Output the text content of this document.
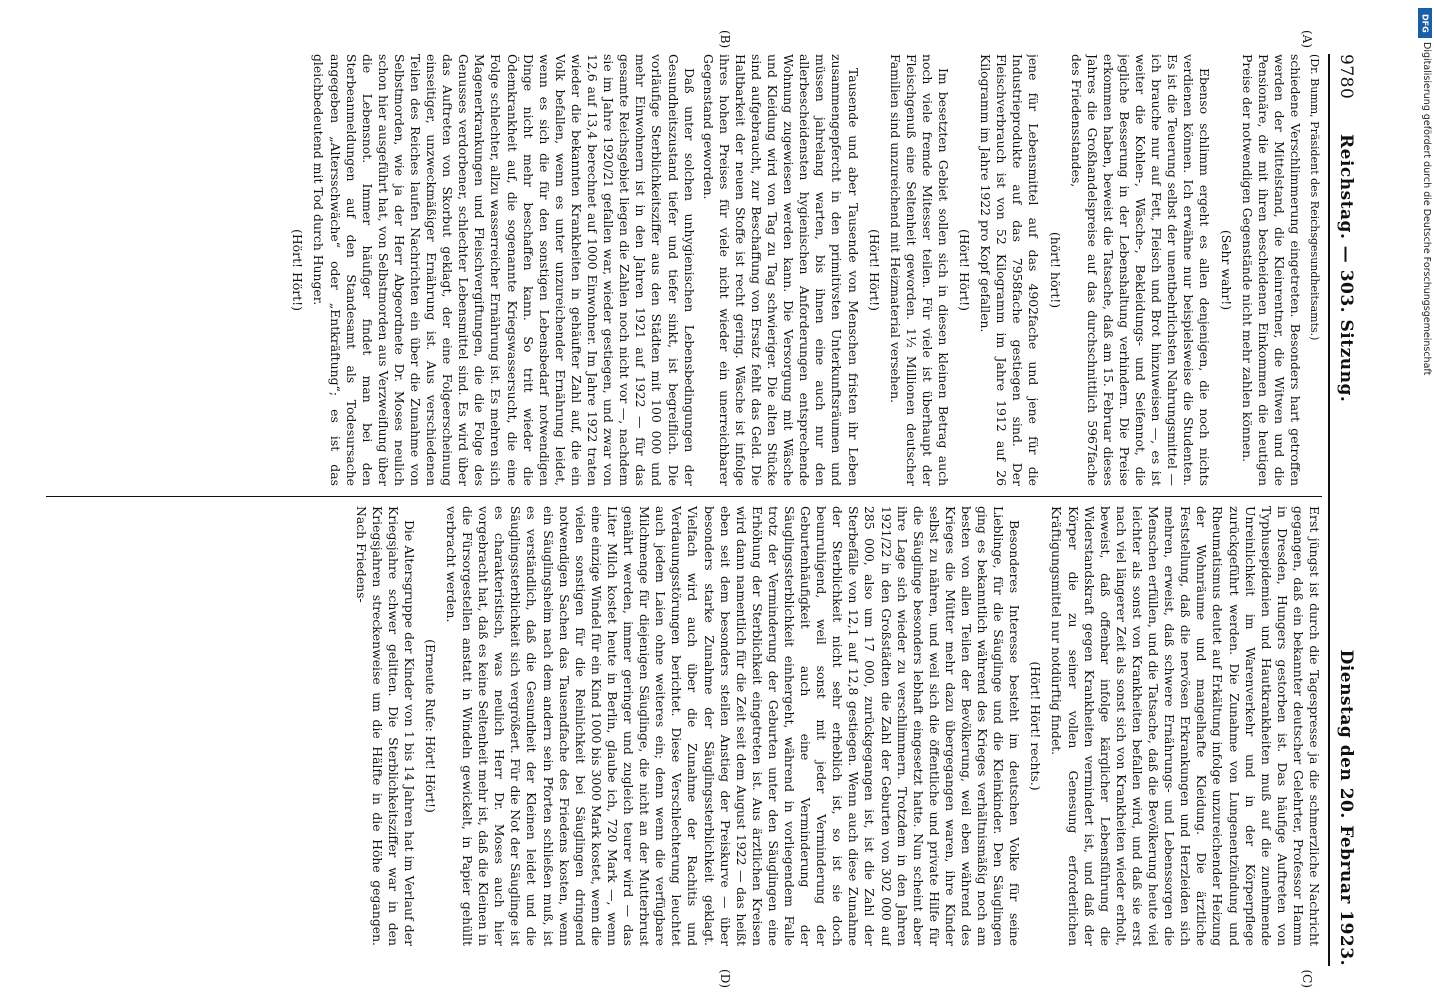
9780
Reichstag. — 303. Sitzung.
Dienstag den 20. Februar 1923.
(A)
(B)
(C)
(D)

(Dr. Bumm, Präsident des Reichsgesundheitsamts.)

schiedene Verschlimmerung eingetreten. Besonders hart getroffen werden der Mittelstand, die Kleinrentner, die Witwen und die Pensionäre, die mit ihren bescheidenen Einkommen die heutigen Preise der notwendigen Gegenstände nicht mehr zahlen können.

(Sehr wahr!)

Ebenso schlimm ergeht es allen denjenigen, die noch nichts verdienen können. Ich erwähne nur beispielsweise die Studenten. Es ist die Teuerung selbst der unentbehrlichsten Nahrungsmittel — ich brauche nur auf Fett, Fleisch und Brot hinzuweisen —, es ist weiter die Kohlen-, Wäsche-, Bekleidungs- und Seifennot, die jegliche Besserung in der Lebenshaltung verhindern. Die Preise erkommen haben, beweist die Tatsache, daß am 15. Februar dieses Jahres die Großhandelspreise auf das durchschnittlich 5967fache des Friedensstandes,

(hört! hört!)

jene für Lebensmittel auf das 4902fache und jene für die Industrieprodukte auf das 7958fache gestiegen sind. Der Fleischverbrauch ist von 52 Kilogramm im Jahre 1912 auf 26 Kilogramm im Jahre 1922 pro Kopf gefallen.

(Hört! Hört!)

Im besetzten Gebiet sollen sich in diesen kleinen Betrag auch noch viele fremde Mitesser teilen. Für viele ist überhaupt der Fleischgenuß eine Seltenheit geworden. 1½ Millionen deutscher Familien sind unzureichend mit Heizmaterial versehen.

(Hört! Hört!)

Tausende und aber Tausende von Menschen fristen ihr Leben zusammengepfercht in den primitivsten Unterkunftsräumen und müssen jahrelang warten, bis ihnen eine auch nur den allerbescheidensten hygienischen Anforderungen entsprechende Wohnung zugewiesen werden kann. Die Versorgung mit Wäsche und Kleidung wird von Tag zu Tag schwieriger. Die alten Stücke sind aufgebraucht, zur Beschaffung von Ersatz fehlt das Geld. Die Haltbarkeit der neuen Stoffe ist recht gering. Wäsche ist infolge ihres hohen Preises für viele nicht wieder ein unerreichbarer Gegenstand geworden.

Daß unter solchen unhygienischen Lebensbedingungen der Gesundheitszustand tiefer und tiefer sinkt, ist begreiflich. Die vorläufige Sterblichkeitsziffer aus den Städten mit 100 000 und mehr Einwohnern ist in den Jahren 1921 auf 1922 — für das gesamte Reichsgebiet liegen die Zahlen noch nicht vor —, nachdem sie im Jahre 1920/21 gefallen war, wieder gestiegen, und zwar von 12,6 auf 13,4 berechnet auf 1000 Einwohner. Im Jahre 1922 traten wieder die bekannten Krankheiten in gehäufter Zahl auf, die ein Volk befallen, wenn es unter unzureichender Ernährung leidet, wenn es sich die für den sonstigen Lebensbedarf notwendigen Dinge nicht mehr beschaffen kann. So tritt wieder die Ödemkrankheit auf, die sogenannte Kriegswassersucht, die eine Folge schlechter, allzu wasserreicher Ernährung ist. Es mehren sich Magenerkrankungen und Fleischvergiftungen, die die Folge des Genusses verdorbener, schlechter Lebensmittel sind. Es wird über das Auftreten von Skorbut geklagt, der eine Folgeerscheinung einseitiger, unzweckmäßiger Ernährung ist. Aus verschiedenen Teilen des Reiches laufen Nachrichten ein über die Zunahme von Selbstmorden, wie ja der Herr Abgeordnete Dr. Moses neulich schon hier ausgeführt hat, von Selbstmorden aus Verzweiflung über die Lebensnot. Immer häufiger findet man bei den Sterbeanmeldungen auf den Standesamt als Todesursache angegeben „Altersschwäche“ oder „Entkräftung“; es ist das gleichbedeutend mit Tod durch Hunger.

(Hört! Hört!)

Erst jüngst ist durch die Tagespresse ja die schmerzliche Nachricht gegangen, daß ein bekannter deutscher Gelehrter, Professor Hamm in Dresden, Hungers gestorben ist. Das häufige Auftreten von Typhusepidemien und Hautkrankheiten muß auf die zunehmende Unreinlichkeit im Warenverkehr und in der Körperpflege zurückgeführt werden. Die Zunahme von Lungenentzündung und Rheumatismus deutet auf Erkältung infolge unzureichender Heizung der Wohnräume und mangelhafte Kleidung. Die ärztliche Feststellung, daß die nervösen Erkrankungen und Herzleiden sich mehren, erweist, daß schwere Ernährungs- und Lebenssorgen die Menschen erfüllen, und die Tatsache, daß die Bevölkerung heute viel leichter als sonst von Krankheiten befallen wird, und daß sie erst nach viel längerer Zeit als sonst sich von Krankheiten wieder erholt, beweist, daß offenbar infolge kärglicher Lebensführung die Widerstandskraft gegen Krankheiten vermindert ist, und daß der Körper die zu seiner vollen Genesung erforderlichen Kräftigungsmittel nur notdürftig findet.

(Hört! Hört! rechts.)

Besonderes Interesse besteht im deutschen Volke für seine Lieblinge, für die Säuglinge und die Kleinkinder. Den Säuglingen ging es bekanntlich während des Krieges verhältnismäßig noch am besten von allen Teilen der Bevölkerung, weil eben während des Krieges die Mütter mehr dazu übergegangen waren, ihre Kinder selbst zu nähren, und weil sich die öffentliche und private Hilfe für die Säuglinge besonders lebhaft eingesetzt hatte. Nun scheint aber ihre Lage sich wieder zu verschlimmern. Trotzdem in den Jahren 1921/22 in den Großstädten die Zahl der Geburten von 302 000 auf 285 000, also um 17 000, zurückgegangen ist, ist die Zahl der Sterbefälle von 12,1 auf 12,8 gestiegen. Wenn auch diese Zunahme der Sterblichkeit nicht sehr erheblich ist, so ist sie doch beunruhigend, weil sonst mit jeder Verminderung der Geburtenhäufigkeit auch eine Verminderung der Säuglingssterblichkeit einhergeht, während in vorliegendem Falle trotz der Verminderung der Geburten unter den Säuglingen eine Erhöhung der Sterblichkeit eingetreten ist. Aus ärztlichen Kreisen wird dann namentlich für die Zeit seit dem August 1922 — das heißt eben seit dem besonders steilen Anstieg der Preiskurve — über besonders starke Zunahme der Säuglingssterblichkeit geklagt. Vielfach wird auch über die Zunahme der Rachitis und Verdauungsstörungen berichtet. Diese Verschlechterung leuchtet auch jedem Laien ohne weiteres ein; denn wenn die verfügbare Milchmenge für diejenigen Säuglinge, die nicht an der Mutterbrust genährt werden, immer geringer und zugleich teurer wird — das Liter Milch kostet heute in Berlin, glaube ich, 720 Mark —, wenn eine einzige Windel für ein Kind 1000 bis 3000 Mark kostet, wenn die vielen sonstigen für die Reinlichkeit bei Säuglingen dringend notwendigen Sachen das Tausendfache des Friedens kosten, wenn ein Säuglingsheim nach dem andern sein Pforten schließen muß, ist es verständlich, daß die Gesundheit der Kleinen leidet und die Säuglingssterblichkeit sich vergrößert. Für die Not der Säuglinge ist es charakteristisch, was neulich Herr Dr. Moses auch hier vorgebracht hat, daß es keine Seltenheit mehr ist, daß die Kleinen in die Fürsorgestellen anstatt in Windeln gewickelt, in Papier gehüllt verbracht werden.

(Erneute Rufe: Hört! Hört!)

Die Altersgruppe der Kinder von 1 bis 14 Jahren hat im Verlauf der Kriegsjahre schwer gelitten. Die Sterblichkeitsziffer war in den Kriegsjahren streckenweise um die Hälfte in die Höhe gegangen. Nach Friedens-

DFG
Digitalisierung gefördert durch die Deutsche Forschungsgemeinschaft
